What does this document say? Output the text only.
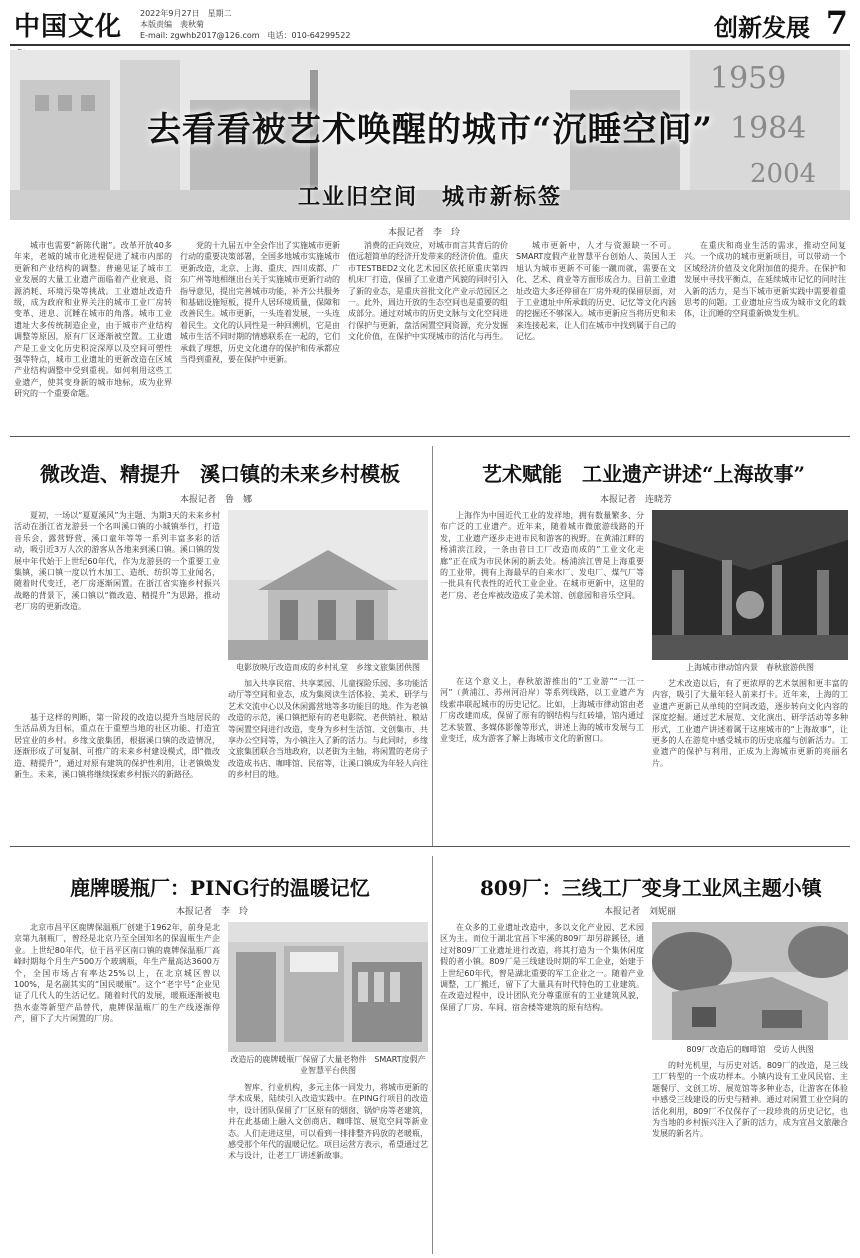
中国文化 2022年9月27日　星期二
本版责编　裴秋菊
E-mail: zgwhb2017@126.com　电话：010-64299522	创新发展 7
1959
1984
2004
去看看被艺术唤醒的城市“沉睡空间”
工业旧空间　城市新标签
本报记者　李　玲
城市也需要“新陈代谢”。改革开放40多年来，老城的城市化进程促进了城市内部的更新和产业结构的调整。普遍见证了城市工业发展的大量工业遗产面临着产业衰退、资源消耗、环境污染等挑战。工业遗址改造升级，成为政府和业界关注的城市工业厂房转变革、进息、沉睡在城市的角落。城市工业遗址大多传统制造企业，由于城市产业结构调整等原因，原有厂区逐渐被空置。工业遗产是工业文化历史积淀深厚以及空间可塑性强等特点，城市工业遗址的更新改造在区域产业结构调整中受到重视。如何利用这些工业遗产，使其变身新的城市地标，成为业界研究的一个重要命题。
党的十九届五中全会作出了实施城市更新行动的重要决策部署，全国多地城市实施城市更新改造，北京、上海、重庆、四川成都、广东广州等地相继出台关于实施城市更新行动的指导意见，提出完善城市功能，补齐公共服务和基础设施短板，提升人居环境质量，保障和改善民生。城市更新，一头连着发展，一头连着民生。文化的认同性是一种回溯机，它是由城市生活不同时期的情感联系在一起的，它们承载了理想，历史文化遗存的保护和传承都应当得到重视，要在保护中更新。
消费的正向效应，对城市而言其背后的价值远超简单的经济开发带来的经济价值。重庆市TESTBED2文化艺术园区依托原重庆第四机床厂打造，保留了工业遗产风貌的同时引入了新的业态，是重庆首批文化产业示范园区之一。此外，周边开放的生态空间也是重要的组成部分。通过对城市的历史文脉与文化空间进行保护与更新，盘活闲置空间资源，充分发掘文化价值，在保护中实现城市的活化与再生。
城市更新中，人才与资源缺一不可。SMART度假产业智慧平台创始人、英国人王旭认为城市更新不可能一蹴而就，需要在文化、艺术、商业等方面形成合力。目前工业遗址改造大多还停留在厂房外观的保留层面，对于工业遗址中所承载的历史、记忆等文化内涵的挖掘还不够深入。城市更新应当将历史和未来连接起来，让人们在城市中找到属于自己的记忆。
在重庆和商业生活的需求，推动空间复兴。一个成功的城市更新项目，可以带动一个区域经济价值及文化附加值的提升。在保护和发展中寻找平衡点，在延续城市记忆的同时注入新的活力，是当下城市更新实践中需要着重思考的问题。工业遗址应当成为城市文化的载体，让沉睡的空间重新焕发生机。
微改造、精提升　溪口镇的未来乡村模板
本报记者　鲁　娜
夏初，一场以“夏夏溪风”为主题、为期3天的未来乡村活动在浙江省龙游县一个名叫溪口镇的小城镇举行，打造音乐会、露营野营、溪口童年等等一系列丰富多彩的活动，吸引近3万人次的游客从各地来到溪口镇。溪口镇的发展中年代始于上世纪60年代，作为龙游县的一个重要工业集镇，溪口镇一度以竹木加工、造纸、纺织等工业闻名，随着时代变迁，老厂房逐渐闲置。在浙江省实施乡村振兴战略的背景下，溪口镇以“微改造、精提升”为思路，推动老厂房的更新改造。
电影放映厅改造而成的乡村礼堂　乡缘文旅集团供图
加入共享民宿、共享菜园、儿童探险乐园、多功能活动厅等空间和业态，成为集阅读生活体验、美术、研学与艺术交流中心以及休闲露营地等多功能目的地。作为老镇改造的示范，溪口镇把原有的老电影院、老供销社、粮站等闲置空间进行改造，变身为乡村生活馆、文创集市、共享办公空间等，为小镇注入了新的活力。与此同时，乡缘文旅集团联合当地政府，以老街为主轴，将闲置的老房子改造成书店、咖啡馆、民宿等，让溪口镇成为年轻人向往的乡村目的地。
基于这样的判断，第一阶段的改造以提升当地居民的生活品质为目标，重点在于重塑当地的社区功能、打造宜居宜业的乡村。乡缘文旅集团，根据溪口镇的改造情况，逐渐形成了可复制、可推广的未来乡村建设模式，即“微改造、精提升”，通过对原有建筑的保护性利用，让老镇焕发新生。未来，溪口镇将继续探索乡村振兴的新路径。
艺术赋能　工业遗产讲述“上海故事”
本报记者　连晓芳
上海作为中国近代工业的发祥地，拥有数量繁多、分布广泛的工业遗产。近年来，随着城市微旅游线路的开发，工业遗产逐步走进市民和游客的视野。在黄浦江畔的杨浦滨江段，一条由昔日工厂改造而成的“工业文化走廊”正在成为市民休闲的新去处。杨浦滨江曾是上海重要的工业带，拥有上海最早的自来水厂、发电厂、煤气厂等一批具有代表性的近代工业企业。在城市更新中，这里的老厂房、老仓库被改造成了美术馆、创意园和音乐空间。
上海城市律动馆内景　春秋旅游供图
在这个意义上，春秋旅游推出的“工业游”“一江一河”（黄浦江、苏州河沿岸）等系列线路，以工业遗产为线索串联起城市的历史记忆。比如，上海城市律动馆由老厂房改建而成，保留了原有的钢结构与红砖墙，馆内通过艺术装置、多媒体影像等形式，讲述上海的城市发展与工业变迁，成为游客了解上海城市文化的新窗口。
艺术改造以后，有了更浓厚的艺术氛围和更丰富的内容，吸引了大量年轻人前来打卡。近年来，上海的工业遗产更新已从单纯的空间改造，逐步转向文化内容的深度挖掘。通过艺术展览、文化演出、研学活动等多种形式，工业遗产讲述着属于这座城市的“上海故事”，让更多的人在游览中感受城市的历史底蕴与创新活力。工业遗产的保护与利用，正成为上海城市更新的亮丽名片。
鹿牌暖瓶厂：PING行的温暖记忆
本报记者　李　玲
北京市昌平区鹿牌保温瓶厂创建于1962年，前身是北京第九制瓶厂，曾经是北京乃至全国知名的保温瓶生产企业。上世纪80年代，位于昌平区南口镇的鹿牌保温瓶厂高峰时期每个月生产500万个玻璃瓶，年生产量高达3600万个，全国市场占有率达25%以上，在北京城区曾以100%，是名副其实的“国民暖瓶”。这个“老字号”企业见证了几代人的生活记忆。随着时代的发展，暖瓶逐渐被电热水壶等新型产品替代，鹿牌保温瓶厂的生产线逐渐停产，留下了大片闲置的厂房。
改造后的鹿牌暖瓶厂保留了大量老物件　SMART度假产业智慧平台供图
智库、行业机构，多元主体一同发力，将城市更新的学术成果，陆续引入改造实践中。在PING行项目的改造中，设计团队保留了厂区原有的烟囱、锅炉房等老建筑，并在此基础上融入文创商店、咖啡馆、展览空间等新业态。人们走进这里，可以看到一排排整齐码放的老暖瓶，感受那个年代的温暖记忆。项目运营方表示，希望通过艺术与设计，让老工厂讲述新故事。
809厂：三线工厂变身工业风主题小镇
本报记者　刘妮丽
在众多的工业遗址改造中，多以文化产业园、艺术园区为主。而位于湖北宜昌下牢溪的809厂却另辟蹊径，通过对809厂工业遗址进行改造，将其打造为一个集休闲度假的者小镇。809厂是三线建设时期的军工企业，始建于上世纪60年代，曾是湖北重要的军工企业之一。随着产业调整，工厂搬迁，留下了大量具有时代特色的工业建筑。在改造过程中，设计团队充分尊重原有的工业建筑风貌，保留了厂房、车间、宿舍楼等建筑的原有结构。
809厂改造后的咖啡馆　受访人供图
的时光机里，与历史对话。809厂的改造，是三线工厂转型的一个成功样本。小镇内设有工业风民宿、主题餐厅、文创工坊、展览馆等多种业态，让游客在体验中感受三线建设的历史与精神。通过对闲置工业空间的活化利用，809厂不仅保存了一段珍贵的历史记忆，也为当地的乡村振兴注入了新的活力，成为宜昌文旅融合发展的新名片。
